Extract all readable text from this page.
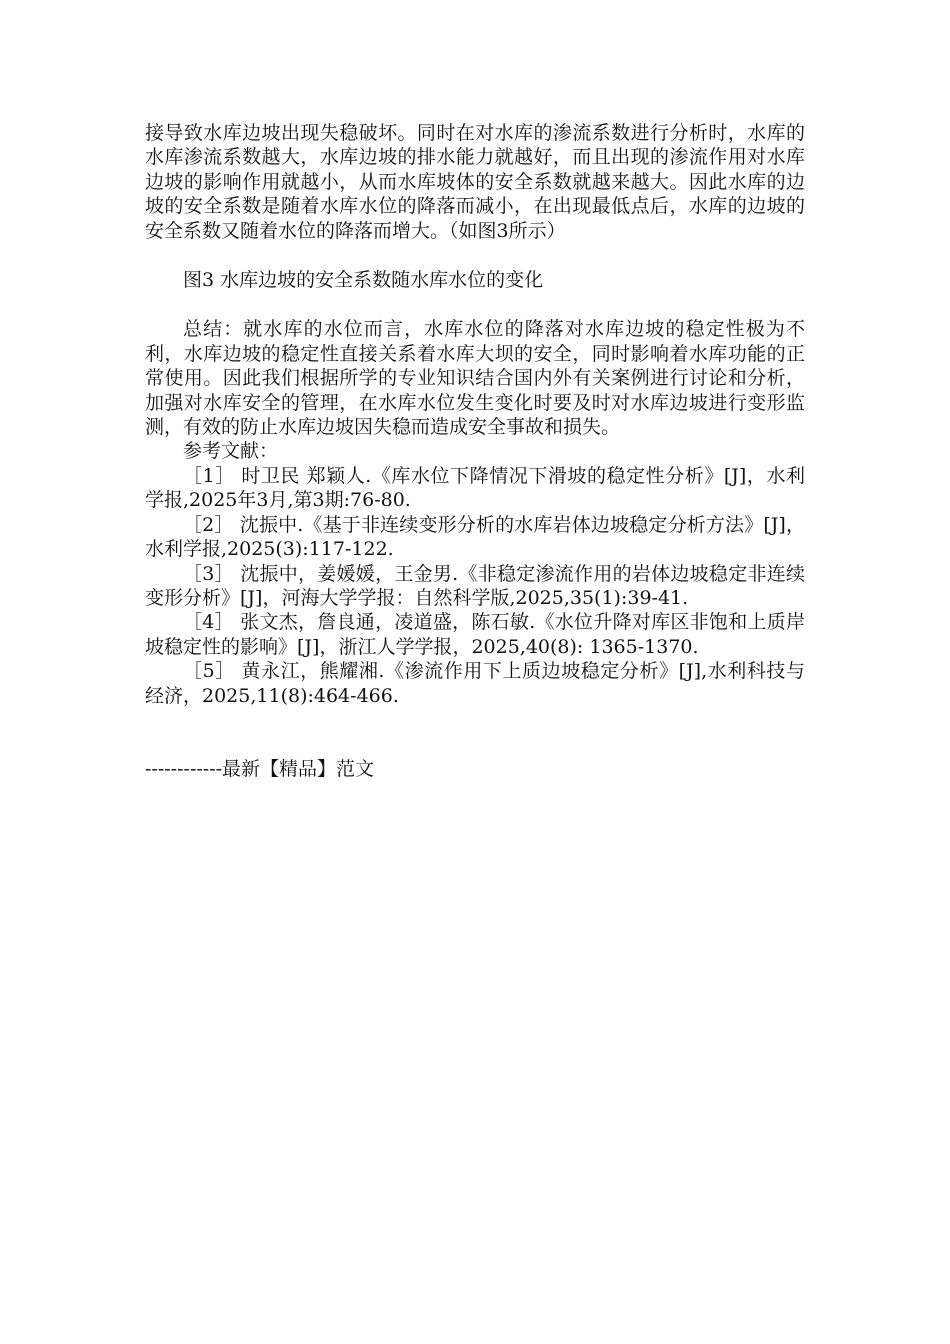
接导致水库边坡出现失稳破坏。同时在对水库的渗流系数进行分析时，水库的水库渗流系数越大，水库边坡的排水能力就越好，而且出现的渗流作用对水库边坡的影响作用就越小，从而水库坡体的安全系数就越来越大。因此水库的边坡的安全系数是随着水库水位的降落而减小，在出现最低点后，水库的边坡的安全系数又随着水位的降落而增大。（如图3所示）

图3 水库边坡的安全系数随水库水位的变化

总结：就水库的水位而言，水库水位的降落对水库边坡的稳定性极为不利，水库边坡的稳定性直接关系着水库大坝的安全，同时影响着水库功能的正常使用。因此我们根据所学的专业知识结合国内外有关案例进行讨论和分析，加强对水库安全的管理，在水库水位发生变化时要及时对水库边坡进行变形监测，有效的防止水库边坡因失稳而造成安全事故和损失。

参考文献：

［1］ 时卫民 郑颖人.《库水位下降情况下滑坡的稳定性分析》[J]，水利学报,2025年3月,第3期:76-80.

［2］ 沈振中.《基于非连续变形分析的水库岩体边坡稳定分析方法》[J]，水利学报,2025(3):117-122.

［3］ 沈振中，姜媛媛，王金男.《非稳定渗流作用的岩体边坡稳定非连续变形分析》[J]，河海大学学报：自然科学版,2025,35(1):39-41.

［4］ 张文杰，詹良通，凌道盛，陈石敏.《水位升降对库区非饱和上质岸坡稳定性的影响》[J]，浙江人学学报，2025,40(8): 1365-1370.

［5］ 黄永江，熊耀湘.《渗流作用下上质边坡稳定分析》[J],水利科技与经济，2025,11(8):464-466.

------------最新【精品】范文
